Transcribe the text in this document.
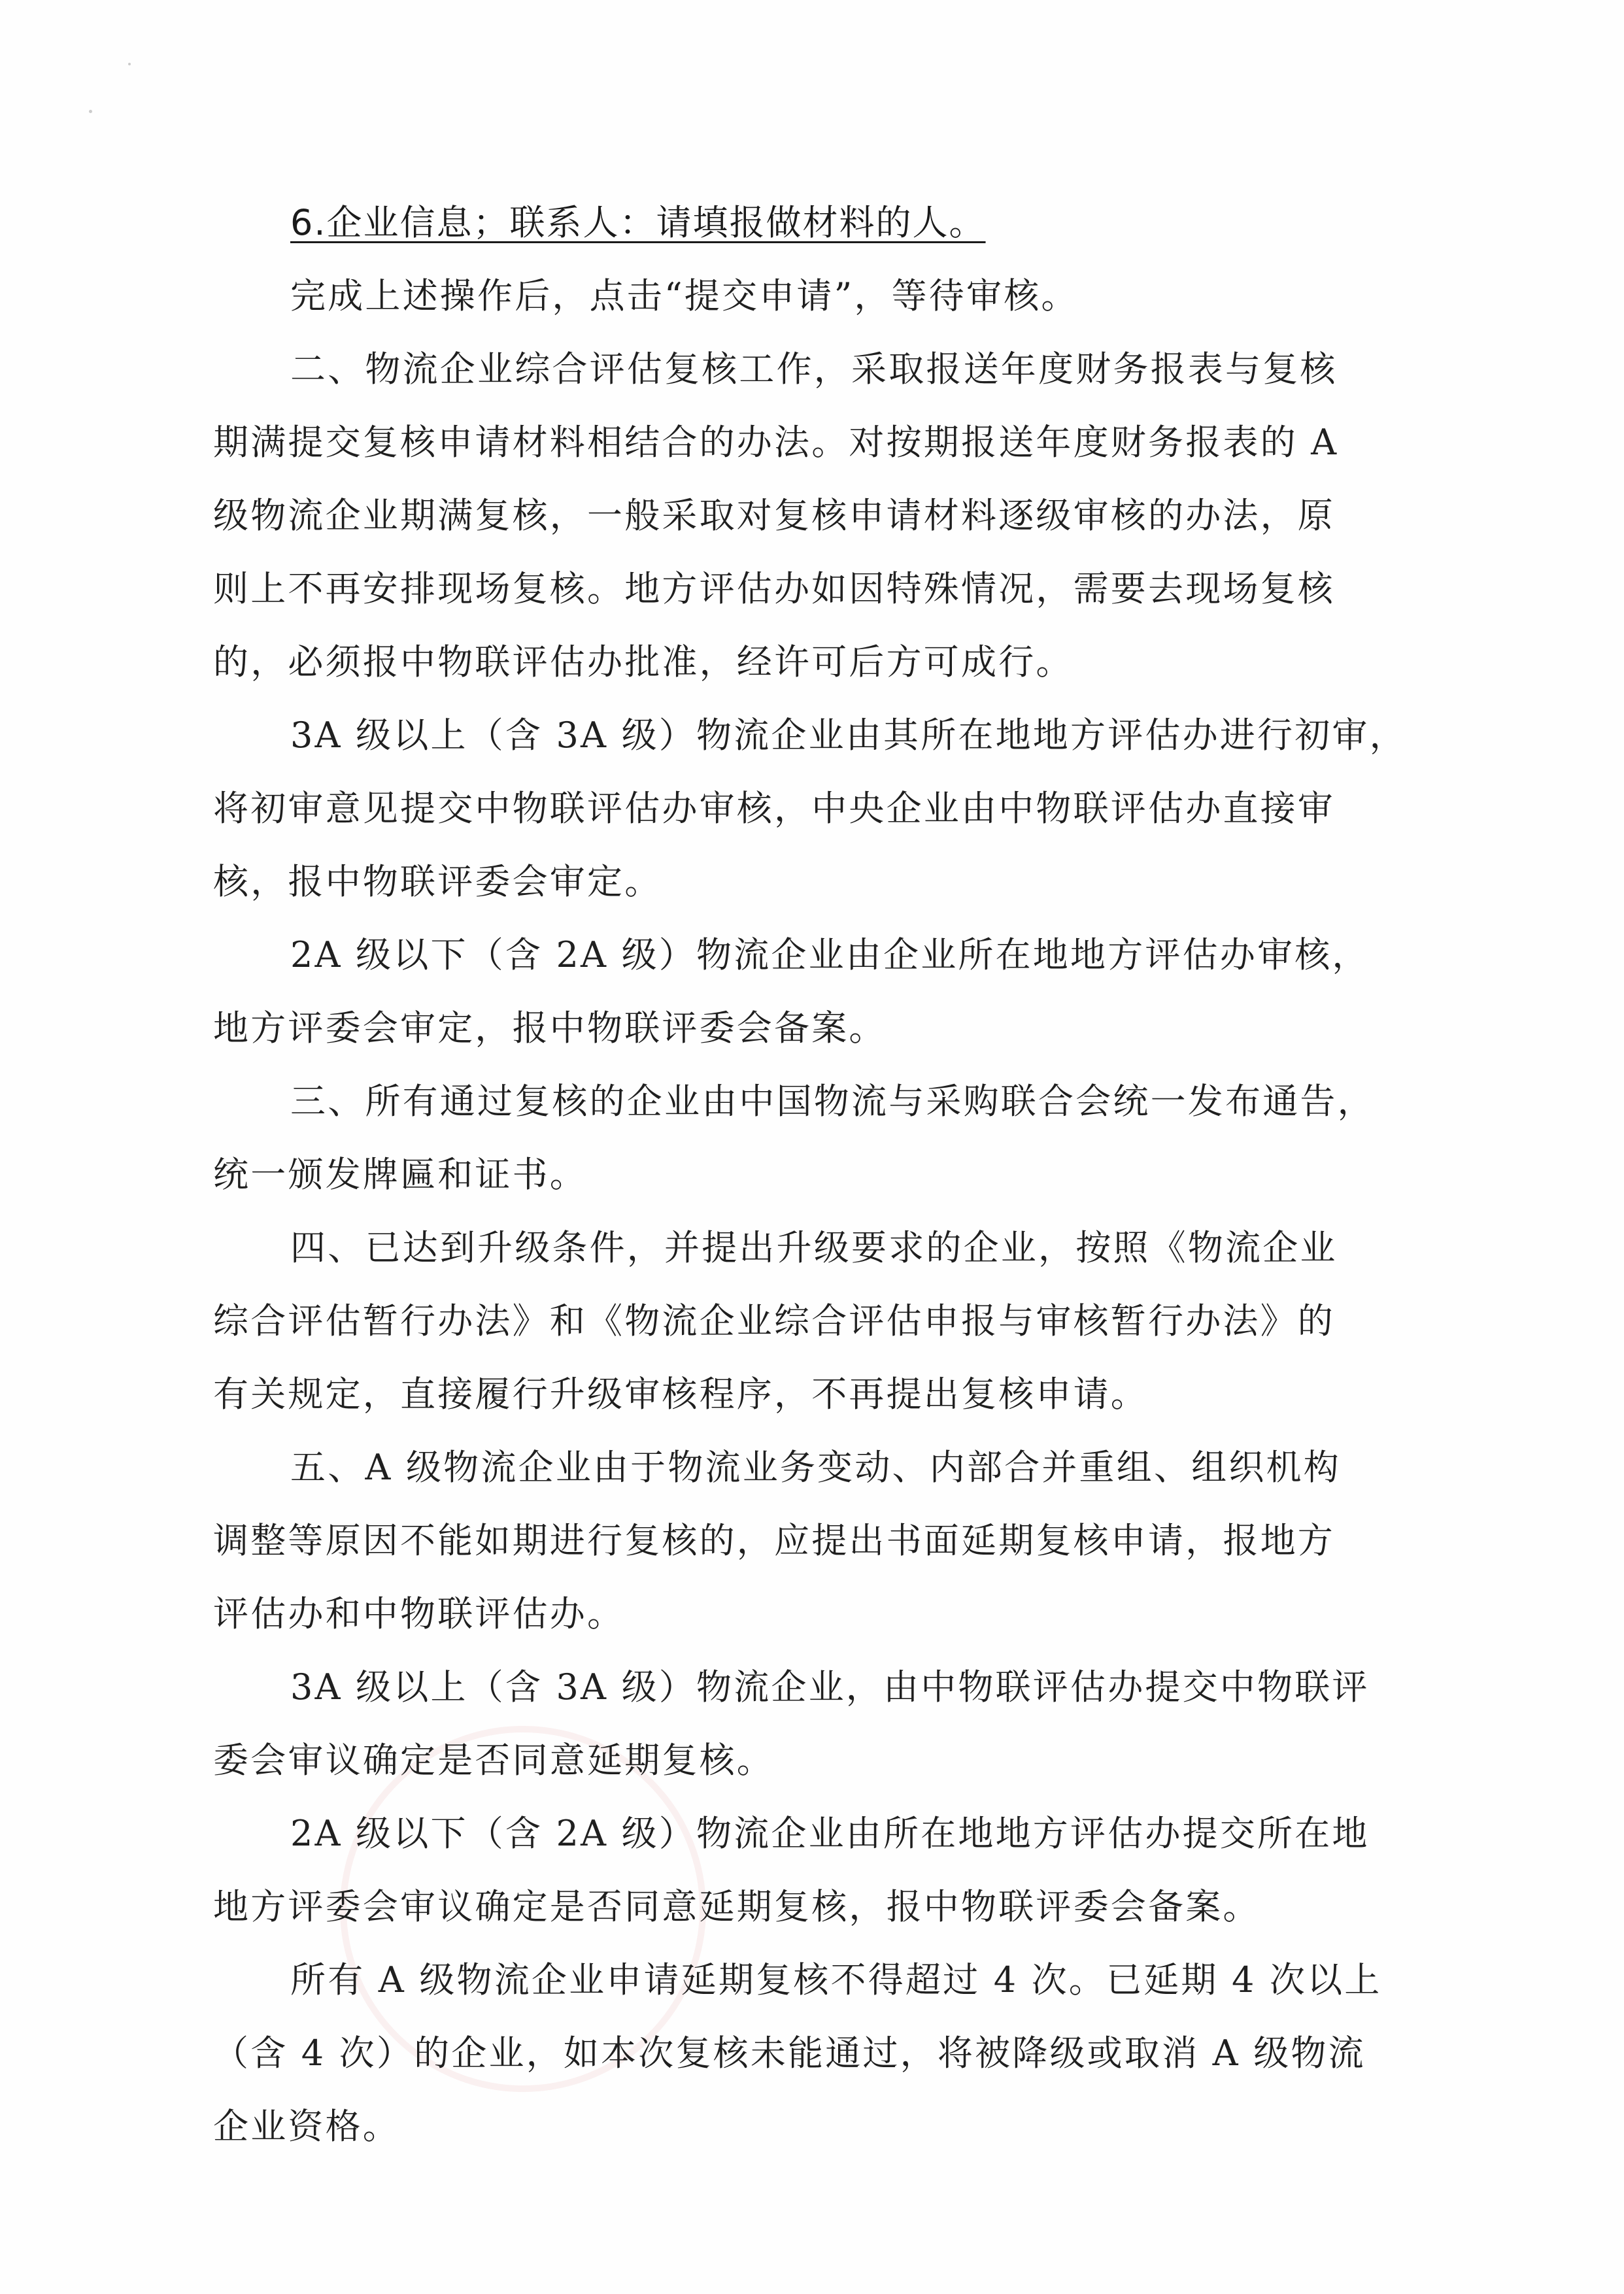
6.企业信息；联系人：请填报做材料的人。
完成上述操作后，点击“提交申请”，等待审核。
二、物流企业综合评估复核工作，采取报送年度财务报表与复核
期满提交复核申请材料相结合的办法。对按期报送年度财务报表的 A
级物流企业期满复核，一般采取对复核申请材料逐级审核的办法，原
则上不再安排现场复核。地方评估办如因特殊情况，需要去现场复核
的，必须报中物联评估办批准，经许可后方可成行。
3A 级以上（含 3A 级）物流企业由其所在地地方评估办进行初审，
将初审意见提交中物联评估办审核，中央企业由中物联评估办直接审
核，报中物联评委会审定。
2A 级以下（含 2A 级）物流企业由企业所在地地方评估办审核，
地方评委会审定，报中物联评委会备案。
三、所有通过复核的企业由中国物流与采购联合会统一发布通告，
统一颁发牌匾和证书。
四、已达到升级条件，并提出升级要求的企业，按照《物流企业
综合评估暂行办法》和《物流企业综合评估申报与审核暂行办法》的
有关规定，直接履行升级审核程序，不再提出复核申请。
五、A 级物流企业由于物流业务变动、内部合并重组、组织机构
调整等原因不能如期进行复核的，应提出书面延期复核申请，报地方
评估办和中物联评估办。
3A 级以上（含 3A 级）物流企业，由中物联评估办提交中物联评
委会审议确定是否同意延期复核。
2A 级以下（含 2A 级）物流企业由所在地地方评估办提交所在地
地方评委会审议确定是否同意延期复核，报中物联评委会备案。
所有 A 级物流企业申请延期复核不得超过 4 次。已延期 4 次以上
（含 4 次）的企业，如本次复核未能通过，将被降级或取消 A 级物流
企业资格。
